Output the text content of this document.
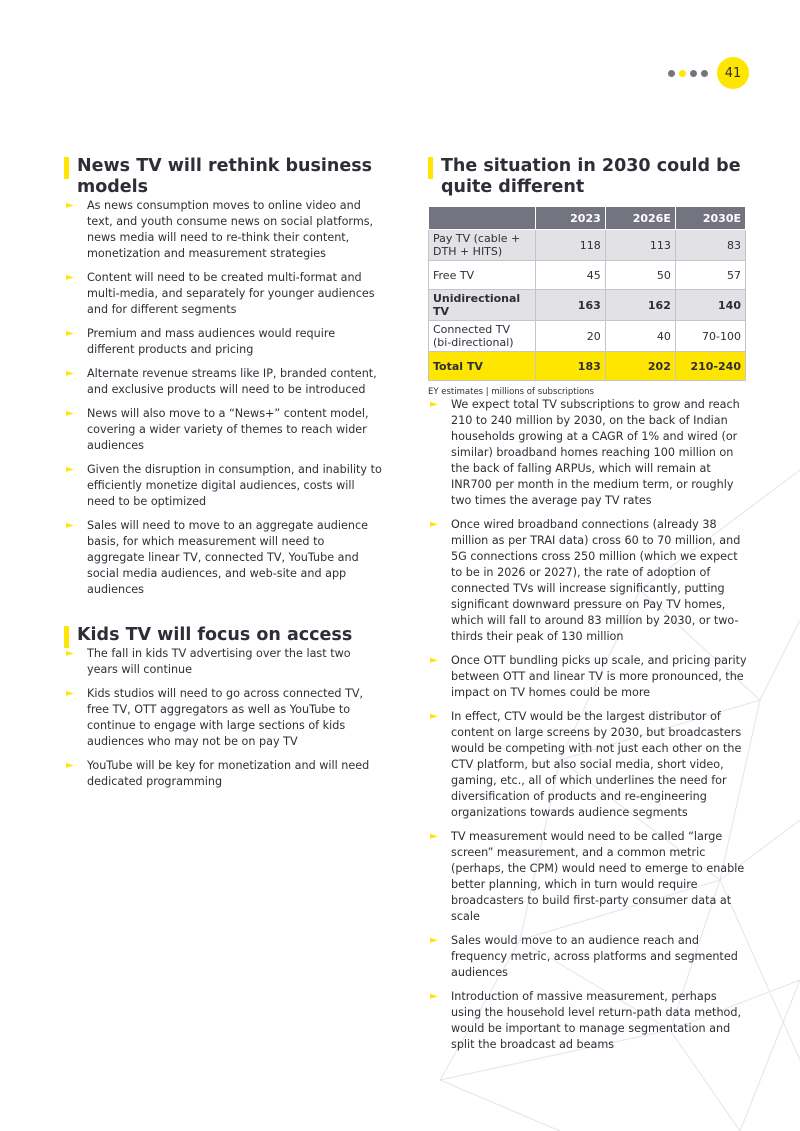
41
News TV will rethink business models
► As news consumption moves to online video and text, and youth consume news on social platforms, news media will need to re-think their content, monetization and measurement strategies
► Content will need to be created multi-format and multi-media, and separately for younger audiences and for different segments
► Premium and mass audiences would require different products and pricing
► Alternate revenue streams like IP, branded content, and exclusive products will need to be introduced
► News will also move to a “News+” content model, covering a wider variety of themes to reach wider audiences
► Given the disruption in consumption, and inability to efficiently monetize digital audiences, costs will need to be optimized
► Sales will need to move to an aggregate audience basis, for which measurement will need to aggregate linear TV, connected TV, YouTube and social media audiences, and web-site and app audiences
Kids TV will focus on access
► The fall in kids TV advertising over the last two years will continue
► Kids studios will need to go across connected TV, free TV, OTT aggregators as well as YouTube to continue to engage with large sections of kids audiences who may not be on pay TV
► YouTube will be key for monetization and will need dedicated programming
The situation in 2030 could be quite different
	2023	2026E	2030E
Pay TV (cable + DTH + HITS)	118	113	83
Free TV	45	50	57
Unidirectional TV	163	162	140
Connected TV (bi-directional)	20	40	70-100
Total TV	183	202	210-240
EY estimates | millions of subscriptions
► We expect total TV subscriptions to grow and reach 210 to 240 million by 2030, on the back of Indian households growing at a CAGR of 1% and wired (or similar) broadband homes reaching 100 million on the back of falling ARPUs, which will remain at INR700 per month in the medium term, or roughly two times the average pay TV rates
► Once wired broadband connections (already 38 million as per TRAI data) cross 60 to 70 million, and 5G connections cross 250 million (which we expect to be in 2026 or 2027), the rate of adoption of connected TVs will increase significantly, putting significant downward pressure on Pay TV homes, which will fall to around 83 million by 2030, or two-thirds their peak of 130 million
► Once OTT bundling picks up scale, and pricing parity between OTT and linear TV is more pronounced, the impact on TV homes could be more
► In effect, CTV would be the largest distributor of content on large screens by 2030, but broadcasters would be competing with not just each other on the CTV platform, but also social media, short video, gaming, etc., all of which underlines the need for diversification of products and re-engineering organizations towards audience segments
► TV measurement would need to be called “large screen” measurement, and a common metric (perhaps, the CPM) would need to emerge to enable better planning, which in turn would require broadcasters to build first-party consumer data at scale
► Sales would move to an audience reach and frequency metric, across platforms and segmented audiences
► Introduction of massive measurement, perhaps using the household level return-path data method, would be important to manage segmentation and split the broadcast ad beams
